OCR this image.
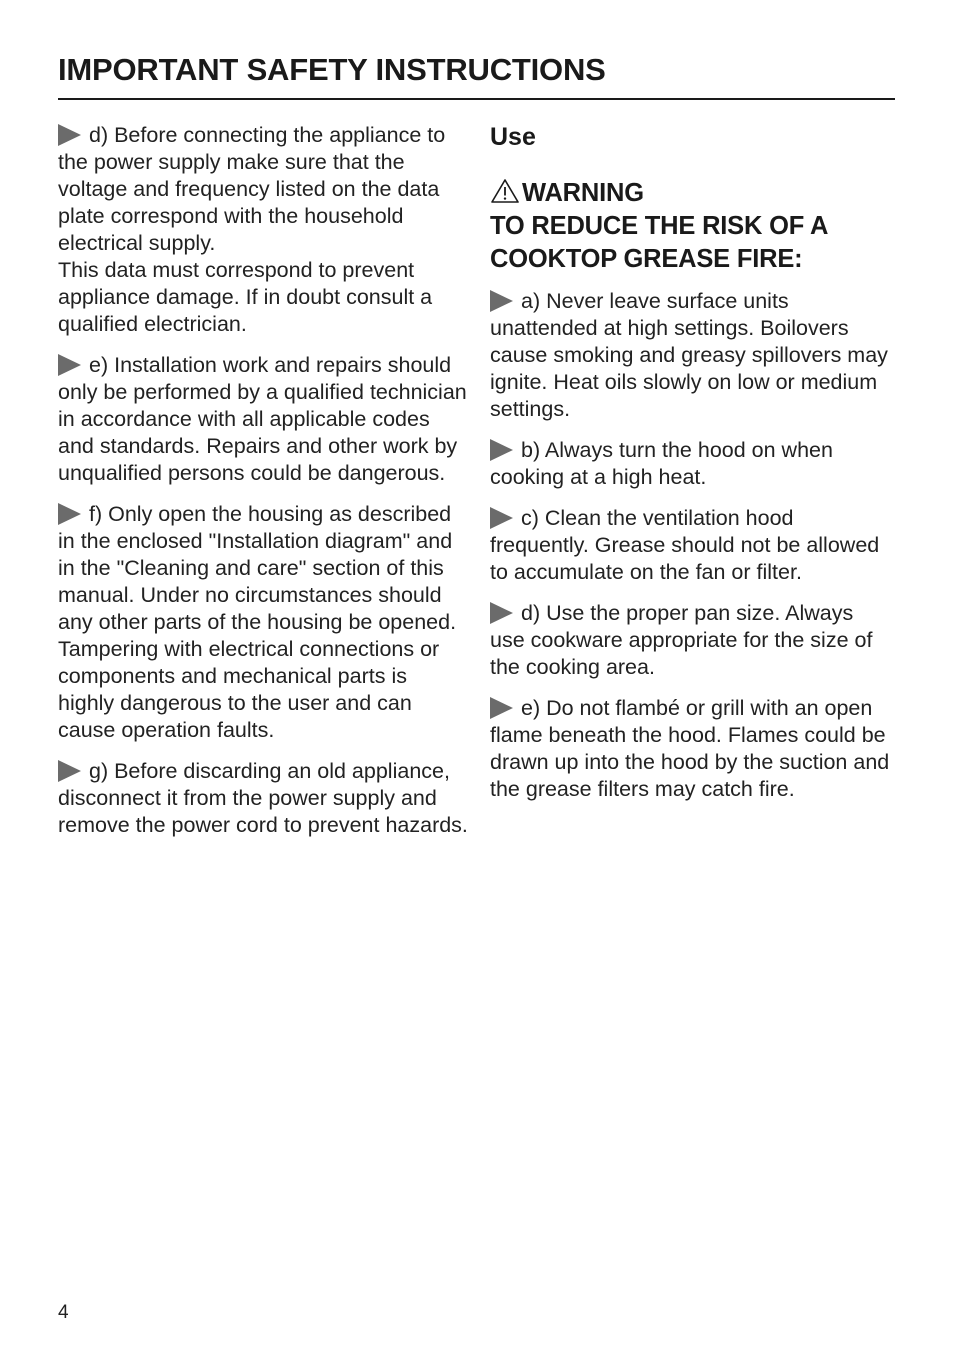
IMPORTANT SAFETY INSTRUCTIONS

d) Before connecting the appliance to the power supply make sure that the voltage and frequency listed on the data plate correspond with the household electrical supply.

This data must correspond to prevent appliance damage. If in doubt consult a qualified electrician.

e) Installation work and repairs should only be performed by a qualified technician in accordance with all applicable codes and standards. Repairs and other work by unqualified persons could be dangerous.

f) Only open the housing as described in the enclosed "Installation diagram" and in the "Cleaning and care" section of this manual. Under no circumstances should any other parts of the housing be opened. Tampering with electrical connections or components and mechanical parts is highly dangerous to the user and can cause operation faults.

g) Before discarding an old appliance, disconnect it from the power supply and remove the power cord to prevent hazards.

Use
WARNING
TO REDUCE THE RISK OF A
COOKTOP GREASE FIRE:

a) Never leave surface units unattended at high settings. Boilovers cause smoking and greasy spillovers may ignite. Heat oils slowly on low or medium settings.

b) Always turn the hood on when cooking at a high heat.

c) Clean the ventilation hood frequently. Grease should not be allowed to accumulate on the fan or filter.

d) Use the proper pan size. Always use cookware appropriate for the size of the cooking area.

e) Do not flambé or grill with an open flame beneath the hood. Flames could be drawn up into the hood by the suction and the grease filters may catch fire.

4
